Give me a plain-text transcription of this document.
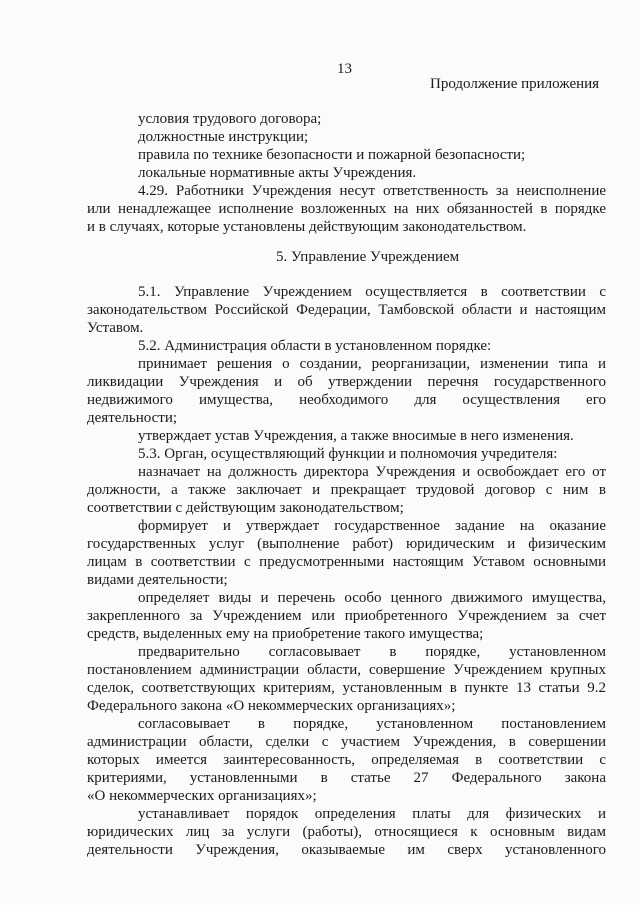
13
Продолжение приложения
условия трудового договора;
должностные инструкции;
правила по технике безопасности и пожарной безопасности;
локальные нормативные акты Учреждения.
4.29. Работники Учреждения несут ответственность за неисполнение
или ненадлежащее исполнение возложенных на них обязанностей в порядке
и в случаях, которые установлены действующим законодательством.
5. Управление Учреждением
5.1. Управление Учреждением осуществляется в соответствии с
законодательством Российской Федерации, Тамбовской области и настоящим
Уставом.
5.2. Администрация области в установленном порядке:
принимает решения о создании, реорганизации, изменении типа и
ликвидации Учреждения и об утверждении перечня государственного
недвижимого имущества, необходимого для осуществления его
деятельности;
утверждает устав Учреждения, а также вносимые в него изменения.
5.3. Орган, осуществляющий функции и полномочия учредителя:
назначает на должность директора Учреждения и освобождает его от
должности, а также заключает и прекращает трудовой договор с ним в
соответствии с действующим законодательством;
формирует и утверждает государственное задание на оказание
государственных услуг (выполнение работ) юридическим и физическим
лицам в соответствии с предусмотренными настоящим Уставом основными
видами деятельности;
определяет виды и перечень особо ценного движимого имущества,
закрепленного за Учреждением или приобретенного Учреждением за счет
средств, выделенных ему на приобретение такого имущества;
предварительно согласовывает в порядке, установленном
постановлением администрации области, совершение Учреждением крупных
сделок, соответствующих критериям, установленным в пункте 13 статьи 9.2
Федерального закона «О некоммерческих организациях»;
согласовывает в порядке, установленном постановлением
администрации области, сделки с участием Учреждения, в совершении
которых имеется заинтересованность, определяемая в соответствии с
критериями, установленными в статье 27 Федерального закона
«О некоммерческих организациях»;
устанавливает порядок определения платы для физических и
юридических лиц за услуги (работы), относящиеся к основным видам
деятельности Учреждения, оказываемые им сверх установленного
